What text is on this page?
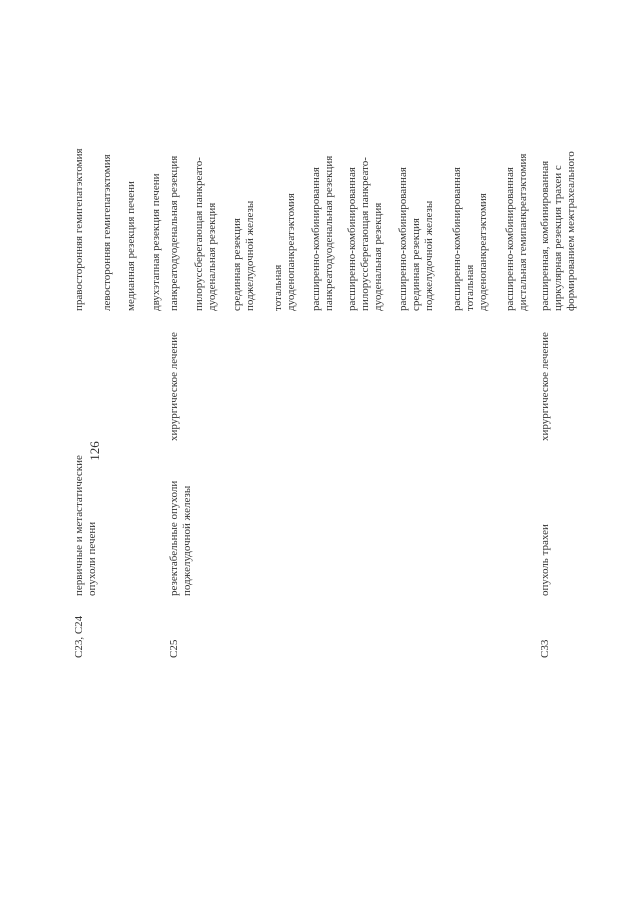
126
C23, C24
первичные и метастатические
опухоли печени
правосторонняя гемигепатэктомия левосторонняя гемигепатэктомия медианная резекция печени двухэтапная резекция печени
C25
резектабельные опухоли
поджелудочной железы
хирургическое лечение
панкреатодуоденальная резекция пилоруссберегающая панкреато-
дуоденальная резекция
срединная резекция
поджелудочной железы
тотальная
дуоденопанкреатэктомия расширенно-комбинированная
панкреатодуоденальная резекция расширенно-комбинированная
пилоруссберегающая панкреато-
дуоденальная резекция расширенно-комбинированная
срединная резекция
поджелудочной железы расширенно-комбинированная
тотальная
дуоденопанкреатэктомия расширенно-комбинированная
дистальная гемипанкреатэктомия
C33
опухоль трахеи
хирургическое лечение
расширенная, комбинированная
циркулярная резекция трахеи с
формированием межтрахеального
